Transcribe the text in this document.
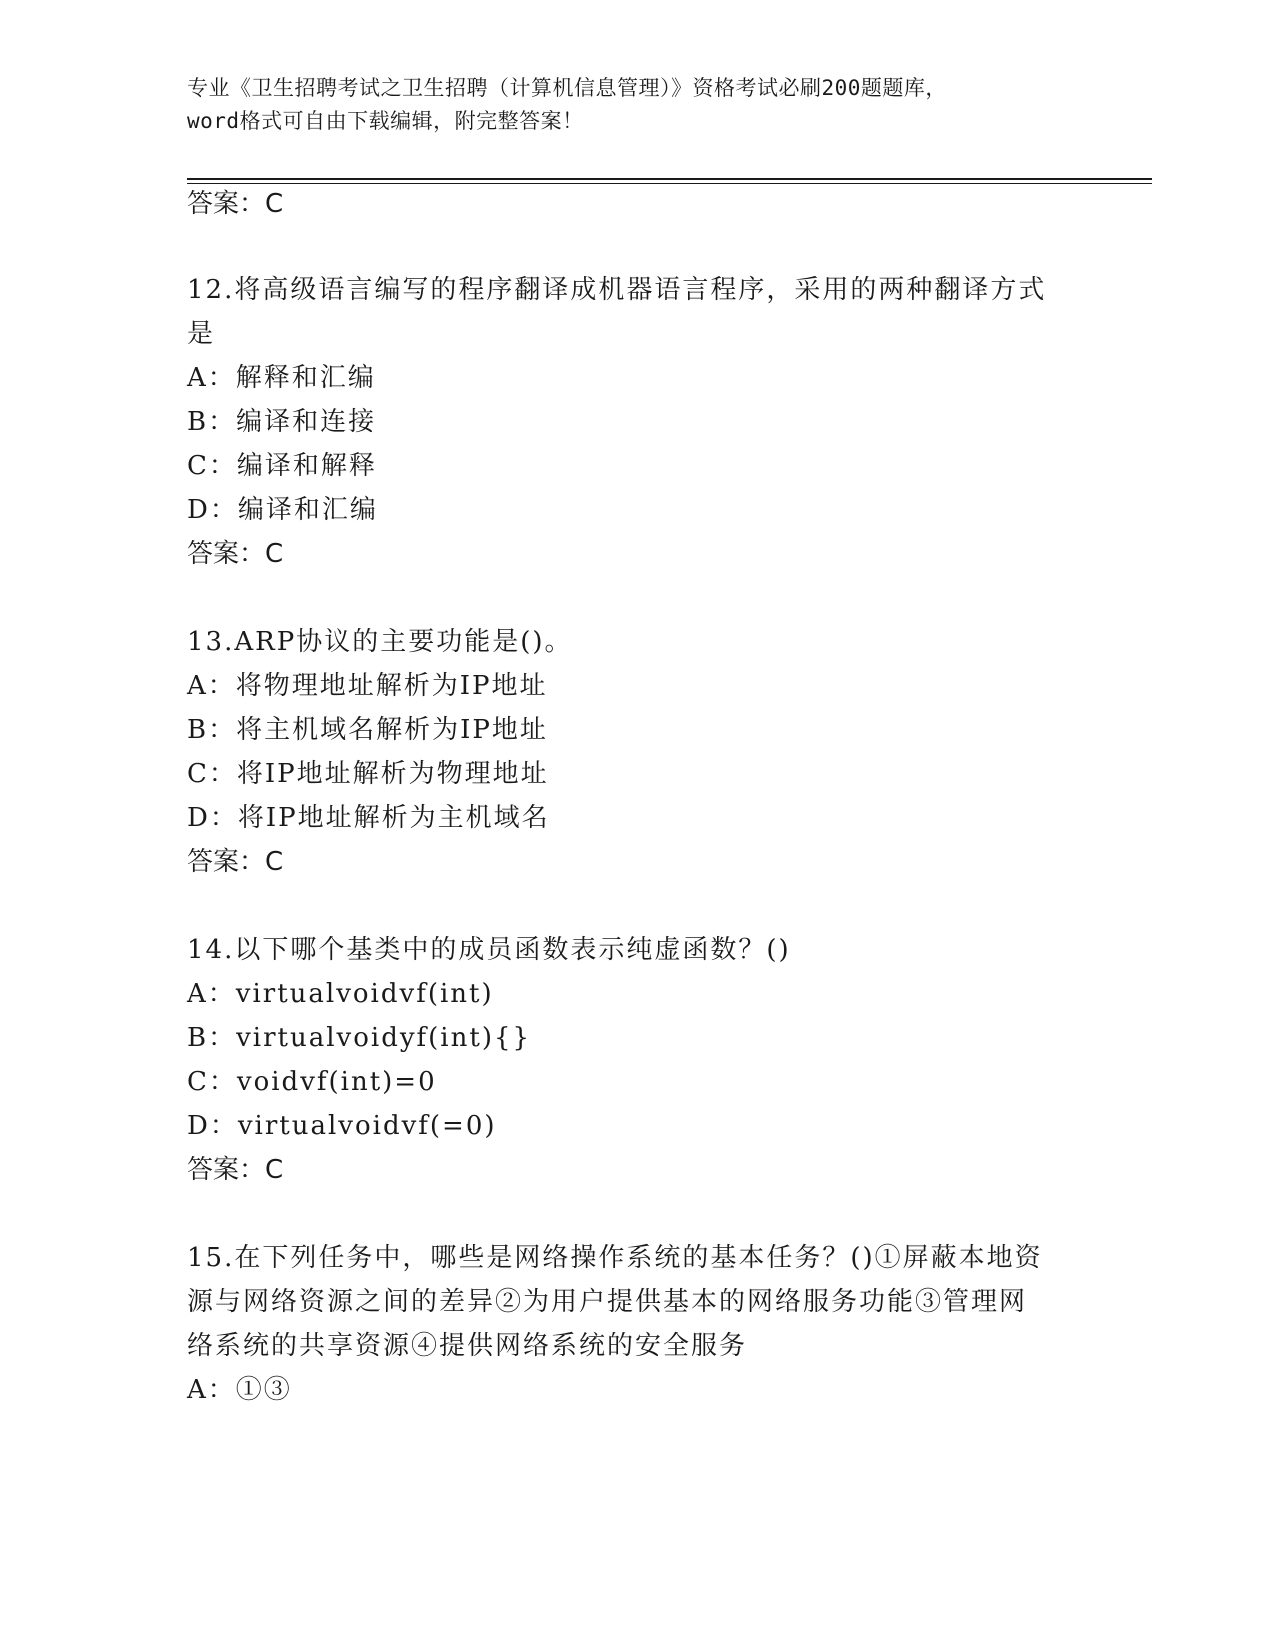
专业《卫生招聘考试之卫生招聘（计算机信息管理）》资格考试必刷200题题库，
word格式可自由下载编辑，附完整答案！
答案：C
12.将高级语言编写的程序翻译成机器语言程序，采用的两种翻译方式
是
A：解释和汇编
B：编译和连接
C：编译和解释
D：编译和汇编
答案：C
13.ARP协议的主要功能是()。
A：将物理地址解析为IP地址
B：将主机域名解析为IP地址
C：将IP地址解析为物理地址
D：将IP地址解析为主机域名
答案：C
14.以下哪个基类中的成员函数表示纯虚函数？()
A：virtualvoidvf(int)
B：virtualvoidyf(int){}
C：voidvf(int)=0
D：virtualvoidvf(=0)
答案：C
15.在下列任务中，哪些是网络操作系统的基本任务？()①屏蔽本地资
源与网络资源之间的差异②为用户提供基本的网络服务功能③管理网
络系统的共享资源④提供网络系统的安全服务
A：①③
